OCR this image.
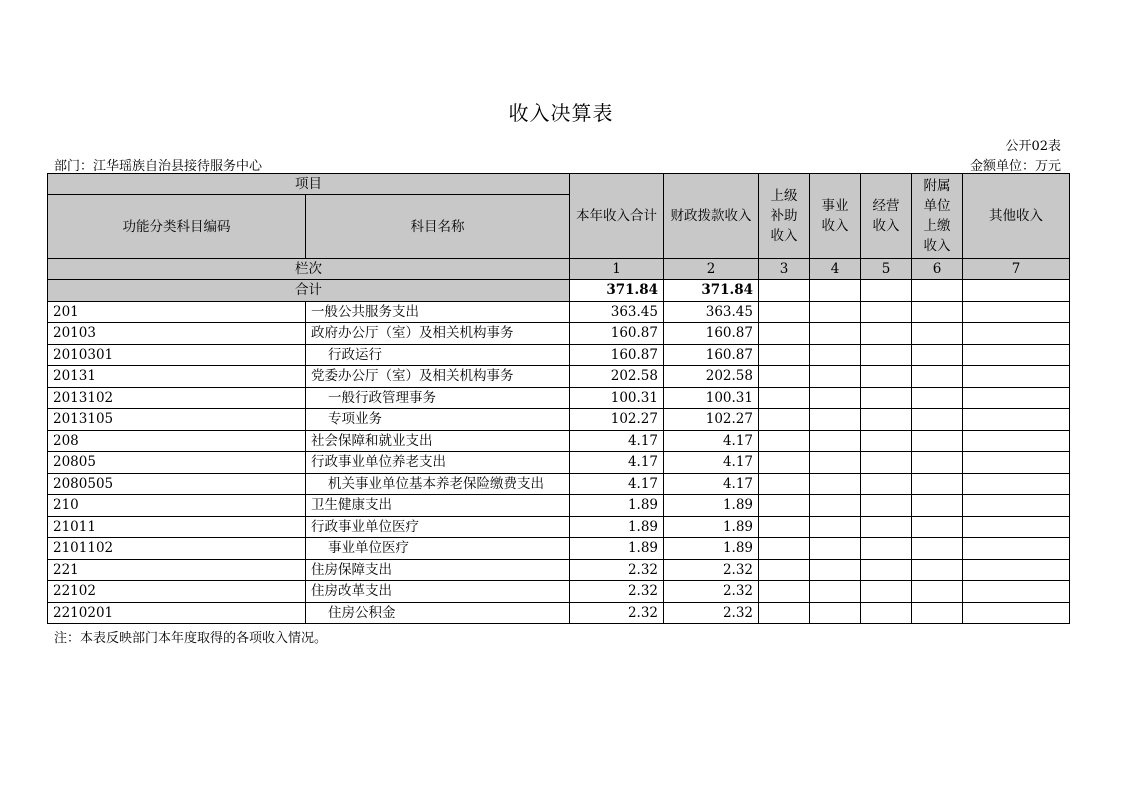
收入决算表
公开02表
部门：江华瑶族自治县接待服务中心	金额单位：万元
项目		本年收入合计	财政拨款收入	上级补助收入	事业收入	经营收入	附属单位上缴收入	其他收入
功能分类科目编码	科目名称							
栏次		1	2	3	4	5	6	7
合计		371.84	371.84					
201	一般公共服务支出	363.45	363.45					
20103	政府办公厅（室）及相关机构事务	160.87	160.87					
2010301	行政运行	160.87	160.87					
20131	党委办公厅（室）及相关机构事务	202.58	202.58					
2013102	一般行政管理事务	100.31	100.31					
2013105	专项业务	102.27	102.27					
208	社会保障和就业支出	4.17	4.17					
20805	行政事业单位养老支出	4.17	4.17					
2080505	机关事业单位基本养老保险缴费支出	4.17	4.17					
210	卫生健康支出	1.89	1.89					
21011	行政事业单位医疗	1.89	1.89					
2101102	事业单位医疗	1.89	1.89					
221	住房保障支出	2.32	2.32					
22102	住房改革支出	2.32	2.32					
2210201	住房公积金	2.32	2.32					
注：本表反映部门本年度取得的各项收入情况。
